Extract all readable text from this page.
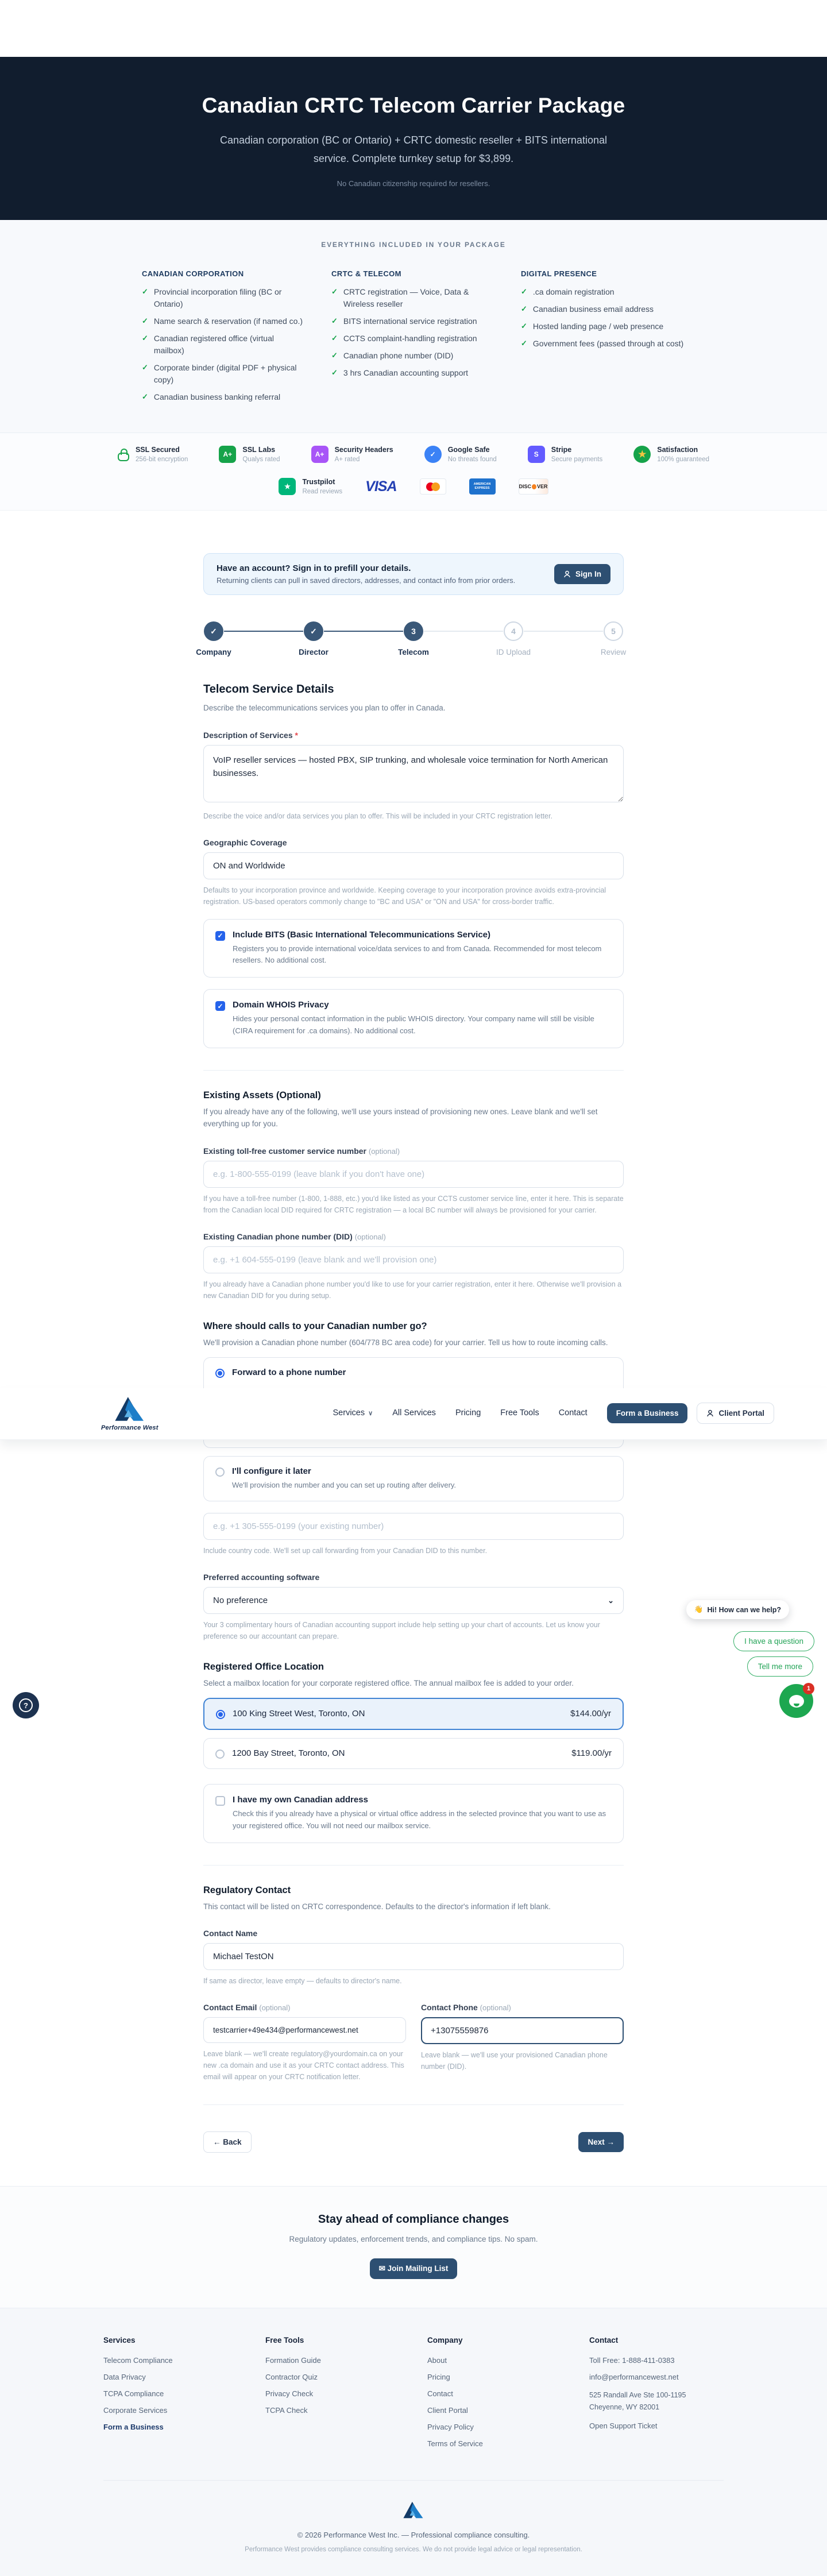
Canadian CRTC Telecom Carrier Package
Canadian corporation (BC or Ontario) + CRTC domestic reseller + BITS international service. Complete turnkey setup for $3,899.
No Canadian citizenship required for resellers.
EVERYTHING INCLUDED IN YOUR PACKAGE
CANADIAN CORPORATION
✓ Provincial incorporation filing (BC or Ontario)
✓ Name search & reservation (if named co.)
✓ Canadian registered office (virtual mailbox)
✓ Corporate binder (digital PDF + physical copy)
✓ Canadian business banking referral
CRTC & TELECOM
✓ CRTC registration — Voice, Data & Wireless reseller
✓ BITS international service registration
✓ CCTS complaint-handling registration
✓ Canadian phone number (DID)
✓ 3 hrs Canadian accounting support
DIGITAL PRESENCE
✓ .ca domain registration
✓ Canadian business email address
✓ Hosted landing page / web presence
✓ Government fees (passed through at cost)
SSL Secured
256-bit encryption
A+
SSL Labs
Qualys rated
A+
Security Headers
A+ rated
✓
Google Safe
No threats found
S
Stripe
Secure payments	★ Satisfaction
100% guaranteed
★
Trustpilot
Read reviews VISA	AMERICAN EXPRESS	DISC VER
Have an account? Sign in to prefill your details.
Returning clients can pull in saved directors, addresses, and contact info from prior orders.
Sign In
✓
Company
✓
Director
3
Telecom
4
ID Upload
5
Review
Telecom Service Details
Describe the telecommunications services you plan to offer in Canada.
Description of Services *
VoIP reseller services — hosted PBX, SIP trunking, and wholesale voice termination for North American businesses.
Describe the voice and/or data services you plan to offer. This will be included in your CRTC registration letter.
Geographic Coverage
ON and Worldwide
Defaults to your incorporation province and worldwide. Keeping coverage to your incorporation province avoids extra-provincial registration. US-based operators commonly change to "BC and USA" or "ON and USA" for cross-border traffic.
✓ Include BITS (Basic International Telecommunications Service)
Registers you to provide international voice/data services to and from Canada. Recommended for most telecom resellers. No additional cost.
✓ Domain WHOIS Privacy
Hides your personal contact information in the public WHOIS directory. Your company name will still be visible (CIRA requirement for .ca domains). No additional cost.
Existing Assets (Optional)
If you already have any of the following, we'll use yours instead of provisioning new ones. Leave blank and we'll set everything up for you.
Existing toll-free customer service number (optional)
e.g. 1-800-555-0199 (leave blank if you don't have one)
If you have a toll-free number (1-800, 1-888, etc.) you'd like listed as your CCTS customer service line, enter it here. This is separate from the Canadian local DID required for CRTC registration — a local BC number will always be provisioned for your carrier.
Existing Canadian phone number (DID) (optional)
e.g. +1 604-555-0199 (leave blank and we'll provision one)
If you already have a Canadian phone number you'd like to use for your carrier registration, enter it here. Otherwise we'll provision a new Canadian DID for you during setup.
Where should calls to your Canadian number go?
We'll provision a Canadian phone number (604/778 BC area code) for your carrier. Tell us how to route incoming calls.
Forward to a phone number
Performance West
Services ∨ All Services Pricing Free Tools Contact	Form a Business	Client Portal
I'll configure it later
We'll provision the number and you can set up routing after delivery.
e.g. +1 305-555-0199 (your existing number)
Include country code. We'll set up call forwarding from your Canadian DID to this number.
Preferred accounting software
No preference	⌄
Your 3 complimentary hours of Canadian accounting support include help setting up your chart of accounts. Let us know your preference so our accountant can prepare.
Registered Office Location
Select a mailbox location for your corporate registered office. The annual mailbox fee is added to your order.
100 King Street West, Toronto, ON	$144.00/yr
1200 Bay Street, Toronto, ON	$119.00/yr
I have my own Canadian address
Check this if you already have a physical or virtual office address in the selected province that you want to use as your registered office. You will not need our mailbox service.
Regulatory Contact
This contact will be listed on CRTC correspondence. Defaults to the director's information if left blank.
Contact Name
Michael TestON
If same as director, leave empty — defaults to director's name.
Contact Email (optional)
testcarrier+49e434@performancewest.net
Leave blank — we'll create regulatory@yourdomain.ca on your new .ca domain and use it as your CRTC contact address. This email will appear on your CRTC notification letter.
Contact Phone (optional)
+13075559876
Leave blank — we'll use your provisioned Canadian phone number (DID).
← Back	Next →
Stay ahead of compliance changes
Regulatory updates, enforcement trends, and compliance tips. No spam.
✉ Join Mailing List
Services
Telecom Compliance
Data Privacy
TCPA Compliance
Corporate Services
Form a Business
Free Tools
Formation Guide
Contractor Quiz
Privacy Check
TCPA Check
Company
About
Pricing
Contact
Client Portal
Privacy Policy
Terms of Service
Contact
Toll Free: 1-888-411-0383
info@performancewest.net
525 Randall Ave Ste 100-1195
Cheyenne, WY 82001
Open Support Ticket
© 2026 Performance West Inc. — Professional compliance consulting.
Performance West provides compliance consulting services. We do not provide legal advice or legal representation.
👋 Hi! How can we help?
I have a question
Tell me more
1
?
